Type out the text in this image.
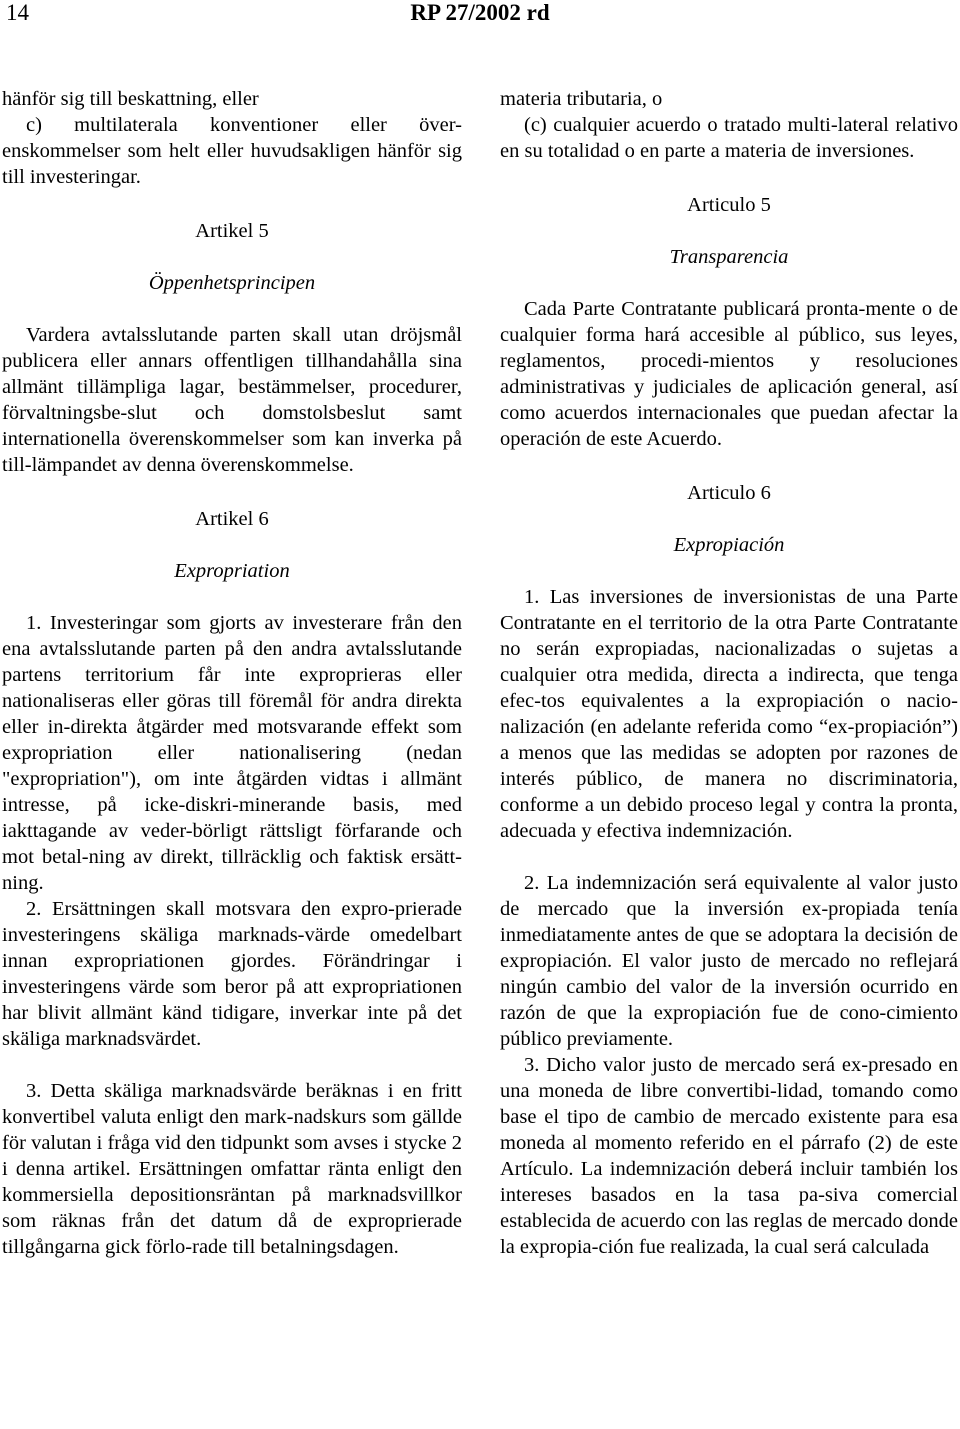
14	RP 27/2002 rd

hänför sig till beskattning, eller

c) multilaterala konventioner eller över-enskommelser som helt eller huvudsakligen hänför sig till investeringar.

Artikel 5

Öppenhetsprincipen

Vardera avtalsslutande parten skall utan dröjsmål publicera eller annars offentligen tillhandahålla sina allmänt tillämpliga lagar, bestämmelser, procedurer, förvaltningsbe-slut och domstolsbeslut samt internationella överenskommelser som kan inverka på till-lämpandet av denna överenskommelse.

Artikel 6

Expropriation

1. Investeringar som gjorts av investerare från den ena avtalsslutande parten på den andra avtalsslutande partens territorium får inte exproprieras eller nationaliseras eller göras till föremål för andra direkta eller in-direkta åtgärder med motsvarande effekt som expropriation eller nationalisering (nedan "expropriation"), om inte åtgärden vidtas i allmänt intresse, på icke-diskri-minerande basis, med iakttagande av veder-börligt rättsligt förfarande och mot betal-ning av direkt, tillräcklig och faktisk ersätt-ning.

2. Ersättningen skall motsvara den expro-prierade investeringens skäliga marknads-värde omedelbart innan expropriationen gjordes. Förändringar i investeringens värde som beror på att expropriationen har blivit allmänt känd tidigare, inverkar inte på det skäliga marknadsvärdet.

3. Detta skäliga marknadsvärde beräknas i en fritt konvertibel valuta enligt den mark-nadskurs som gällde för valutan i fråga vid den tidpunkt som avses i stycke 2 i denna artikel. Ersättningen omfattar ränta enligt den kommersiella depositionsräntan på marknadsvillkor som räknas från det datum då de exproprierade tillgångarna gick förlo-rade till betalningsdagen.

materia tributaria, o

(c) cualquier acuerdo o tratado multi-lateral relativo en su totalidad o en parte a materia de inversiones.

Articulo 5

Transparencia

Cada Parte Contratante publicará pronta-mente o de cualquier forma hará accesible al público, sus leyes, reglamentos, procedi-mientos y resoluciones administrativas y judiciales de aplicación general, así como acuerdos internacionales que puedan afectar la operación de este Acuerdo.

Articulo 6

Expropiación

1. Las inversiones de inversionistas de una Parte Contratante en el territorio de la otra Parte Contratante no serán expropiadas, nacionalizadas o sujetas a cualquier otra medida, directa a indirecta, que tenga efec-tos equivalentes a la expropiación o nacio-nalización (en adelante referida como “ex-propiación”) a menos que las medidas se adopten por razones de interés público, de manera no discriminatoria, conforme a un debido proceso legal y contra la pronta, adecuada y efectiva indemnización.

2. La indemnización será equivalente al valor justo de mercado que la inversión ex-propiada tenía inmediatamente antes de que se adoptara la decisión de expropiación. El valor justo de mercado no reflejará ningún cambio del valor de la inversión ocurrido en razón de que la expropiación fue de cono-cimiento público previamente.

3. Dicho valor justo de mercado será ex-presado en una moneda de libre convertibi-lidad, tomando como base el tipo de cambio de mercado existente para esa moneda al momento referido en el párrafo (2) de este Artículo. La indemnización deberá incluir también los intereses basados en la tasa pa-siva comercial establecida de acuerdo con las reglas de mercado donde la expropia-ción fue realizada, la cual será calculada
